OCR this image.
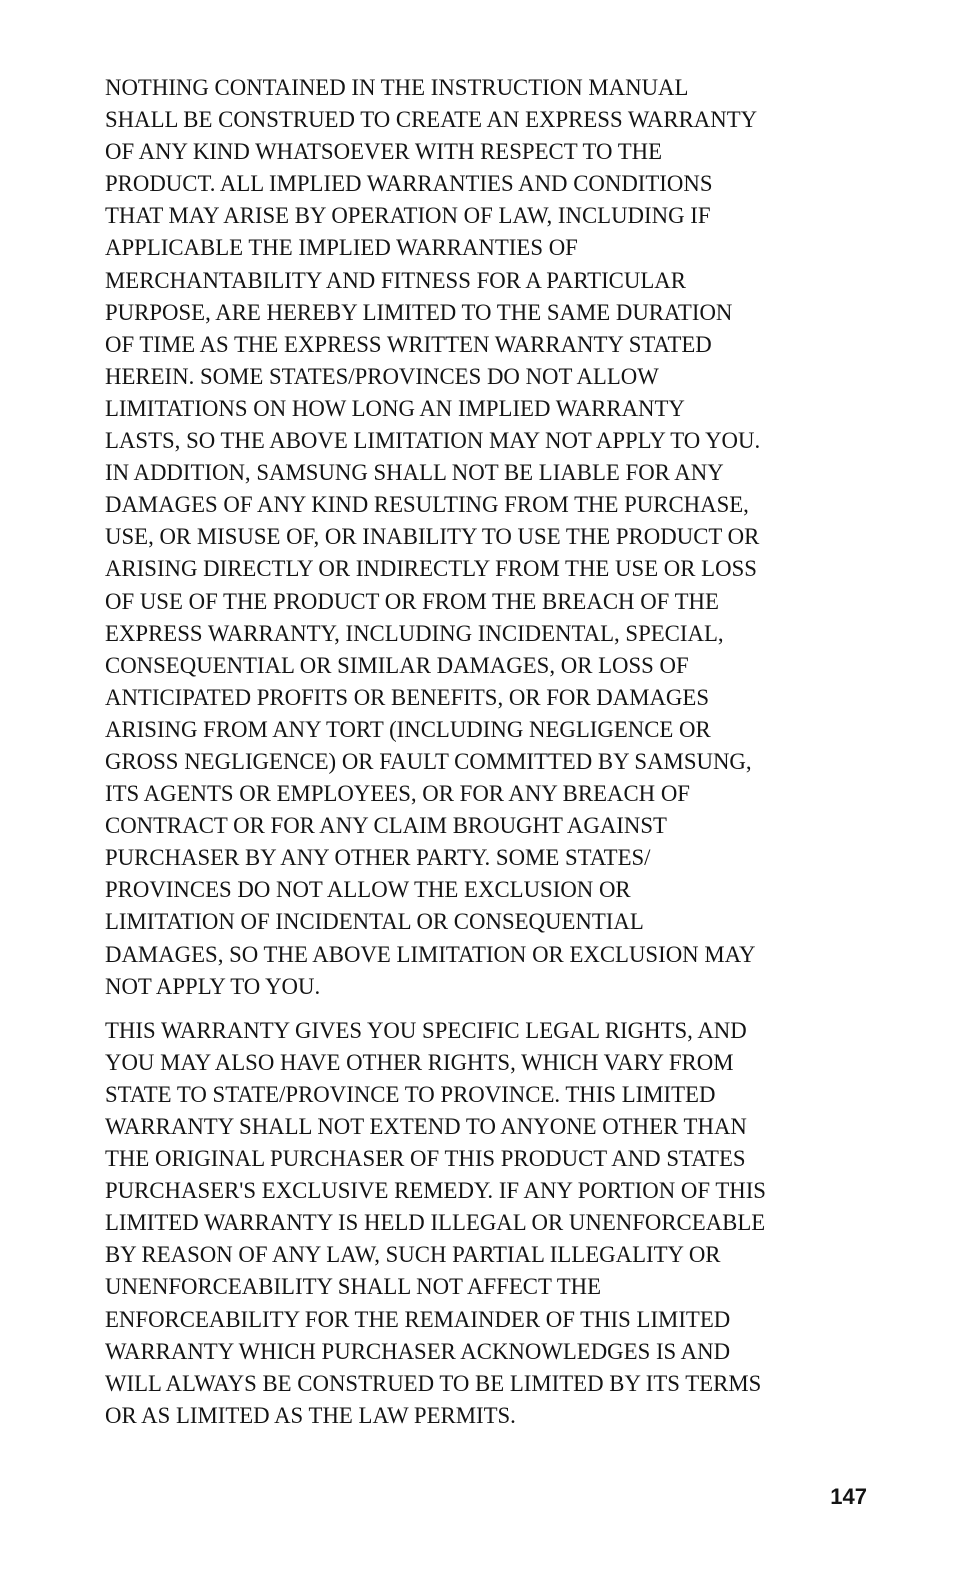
NOTHING CONTAINED IN THE INSTRUCTION MANUAL
SHALL BE CONSTRUED TO CREATE AN EXPRESS WARRANTY
OF ANY KIND WHATSOEVER WITH RESPECT TO THE
PRODUCT. ALL IMPLIED WARRANTIES AND CONDITIONS
THAT MAY ARISE BY OPERATION OF LAW, INCLUDING IF
APPLICABLE THE IMPLIED WARRANTIES OF
MERCHANTABILITY AND FITNESS FOR A PARTICULAR
PURPOSE, ARE HEREBY LIMITED TO THE SAME DURATION
OF TIME AS THE EXPRESS WRITTEN WARRANTY STATED
HEREIN. SOME STATES/PROVINCES DO NOT ALLOW
LIMITATIONS ON HOW LONG AN IMPLIED WARRANTY
LASTS, SO THE ABOVE LIMITATION MAY NOT APPLY TO YOU.
IN ADDITION, SAMSUNG SHALL NOT BE LIABLE FOR ANY
DAMAGES OF ANY KIND RESULTING FROM THE PURCHASE,
USE, OR MISUSE OF, OR INABILITY TO USE THE PRODUCT OR
ARISING DIRECTLY OR INDIRECTLY FROM THE USE OR LOSS
OF USE OF THE PRODUCT OR FROM THE BREACH OF THE
EXPRESS WARRANTY, INCLUDING INCIDENTAL, SPECIAL,
CONSEQUENTIAL OR SIMILAR DAMAGES, OR LOSS OF
ANTICIPATED PROFITS OR BENEFITS, OR FOR DAMAGES
ARISING FROM ANY TORT (INCLUDING NEGLIGENCE OR
GROSS NEGLIGENCE) OR FAULT COMMITTED BY SAMSUNG,
ITS AGENTS OR EMPLOYEES, OR FOR ANY BREACH OF
CONTRACT OR FOR ANY CLAIM BROUGHT AGAINST
PURCHASER BY ANY OTHER PARTY. SOME STATES/
PROVINCES DO NOT ALLOW THE EXCLUSION OR
LIMITATION OF INCIDENTAL OR CONSEQUENTIAL
DAMAGES, SO THE ABOVE LIMITATION OR EXCLUSION MAY
NOT APPLY TO YOU.

THIS WARRANTY GIVES YOU SPECIFIC LEGAL RIGHTS, AND
YOU MAY ALSO HAVE OTHER RIGHTS, WHICH VARY FROM
STATE TO STATE/PROVINCE TO PROVINCE. THIS LIMITED
WARRANTY SHALL NOT EXTEND TO ANYONE OTHER THAN
THE ORIGINAL PURCHASER OF THIS PRODUCT AND STATES
PURCHASER'S EXCLUSIVE REMEDY. IF ANY PORTION OF THIS
LIMITED WARRANTY IS HELD ILLEGAL OR UNENFORCEABLE
BY REASON OF ANY LAW, SUCH PARTIAL ILLEGALITY OR
UNENFORCEABILITY SHALL NOT AFFECT THE
ENFORCEABILITY FOR THE REMAINDER OF THIS LIMITED
WARRANTY WHICH PURCHASER ACKNOWLEDGES IS AND
WILL ALWAYS BE CONSTRUED TO BE LIMITED BY ITS TERMS
OR AS LIMITED AS THE LAW PERMITS.

147
